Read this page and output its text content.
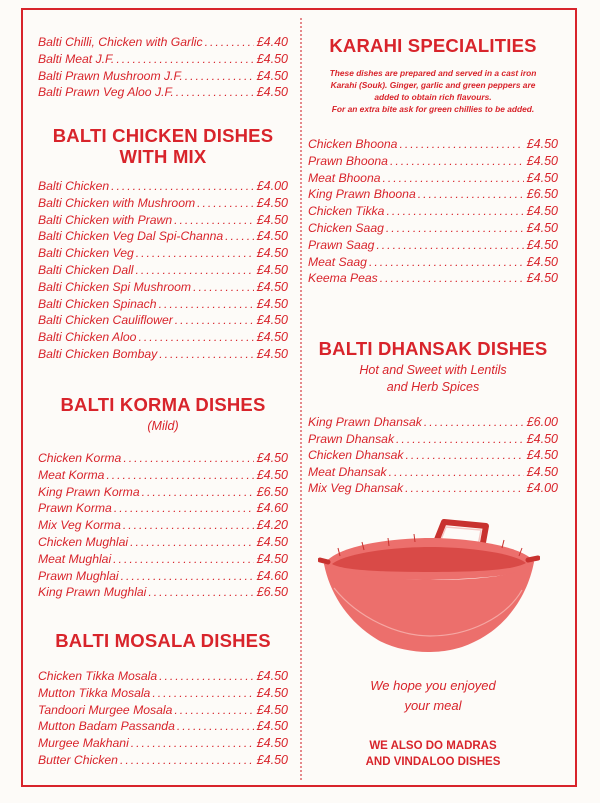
Balti Chilli, Chicken with Garlic .....	£4.40
Balti Meat J.F. .....	£4.50
Balti Prawn Mushroom J.F. .....	£4.50
Balti Prawn Veg Aloo J.F. .....	£4.50
BALTI CHICKEN DISHES
WITH MIX
Balti Chicken .....	£4.00
Balti Chicken with Mushroom .....	£4.50
Balti Chicken with Prawn .....	£4.50
Balti Chicken Veg Dal Spi-Channa .....	£4.50
Balti Chicken Veg .....	£4.50
Balti Chicken Dall .....	£4.50
Balti Chicken Spi Mushroom .....	£4.50
Balti Chicken Spinach .....	£4.50
Balti Chicken Cauliflower .....	£4.50
Balti Chicken Aloo .....	£4.50
Balti Chicken Bombay .....	£4.50
BALTI KORMA DISHES
(Mild)
Chicken Korma .....	£4.50
Meat Korma .....	£4.50
King Prawn Korma .....	£6.50
Prawn Korma .....	£4.60
Mix Veg Korma .....	£4.20
Chicken Mughlai .....	£4.50
Meat Mughlai .....	£4.50
Prawn Mughlai .....	£4.60
King Prawn Mughlai .....	£6.50
BALTI MOSALA DISHES
Chicken Tikka Mosala .....	£4.50
Mutton Tikka Mosala .....	£4.50
Tandoori Murgee Mosala .....	£4.50
Mutton Badam Passanda .....	£4.50
Murgee Makhani .....	£4.50
Butter Chicken .....	£4.50
KARAHI SPECIALITIES
These dishes are prepared and served in a cast iron
Karahi (Souk). Ginger, garlic and green peppers are
added to obtain rich flavours.
For an extra bite ask for green chillies to be added.
Chicken Bhoona .....	£4.50
Prawn Bhoona .....	£4.50
Meat Bhoona .....	£4.50
King Prawn Bhoona .....	£6.50
Chicken Tikka .....	£4.50
Chicken Saag .....	£4.50
Prawn Saag .....	£4.50
Meat Saag .....	£4.50
Keema Peas .....	£4.50
BALTI DHANSAK DISHES
Hot and Sweet with Lentils
and Herb Spices
King Prawn Dhansak .....	£6.00
Prawn Dhansak .....	£4.50
Chicken Dhansak .....	£4.50
Meat Dhansak .....	£4.50
Mix Veg Dhansak .....	£4.00
We hope you enjoyed
your meal
WE ALSO DO MADRAS
AND VINDALOO DISHES
